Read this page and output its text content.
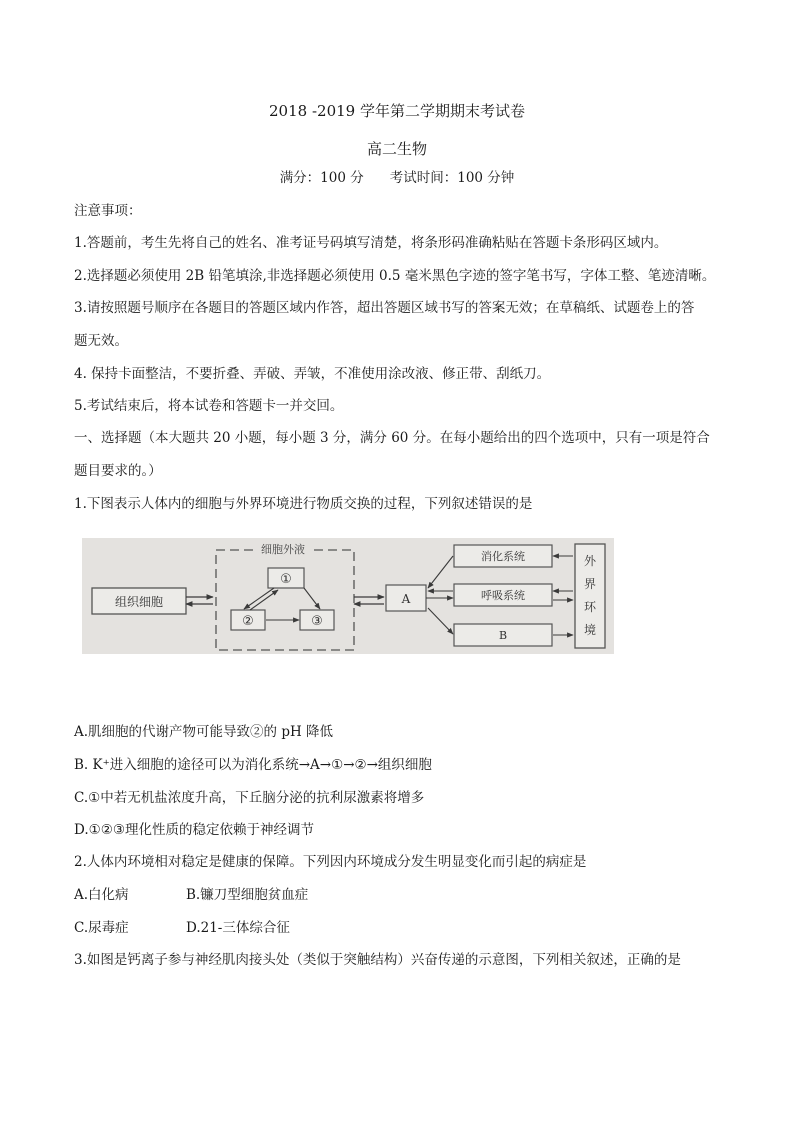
2018 -2019 学年第二学期期末考试卷
高二生物
满分：100 分 考试时间：100 分钟
注意事项：
1.答题前，考生先将自己的姓名、准考证号码填写清楚，将条形码准确粘贴在答题卡条形码区域内。
2.选择题必须使用 2B 铅笔填涂,非选择题必须使用 0.5 毫米黑色字迹的签字笔书写，字体工整、笔迹清晰。
3.请按照题号顺序在各题目的答题区域内作答，超出答题区域书写的答案无效；在草稿纸、试题卷上的答
题无效。
4. 保持卡面整洁，不要折叠、弄破、弄皱，不准使用涂改液、修正带、刮纸刀。
5.考试结束后，将本试卷和答题卡一并交回。
一、选择题（本大题共 20 小题，每小题 3 分，满分 60 分。在每小题给出的四个选项中，只有一项是符合
题目要求的。）
1.下图表示人体内的细胞与外界环境进行物质交换的过程，下列叙述错误的是
组织细胞
细胞外液
①
②	③
A
消化系统
呼吸系统
B
外
界
环
境
A.肌细胞的代谢产物可能导致②的 pH 降低
B. K⁺进入细胞的途径可以为消化系统→A→①→②→组织细胞
C.①中若无机盐浓度升高，下丘脑分泌的抗利尿激素将增多
D.①②③理化性质的稳定依赖于神经调节
2.人体内环境相对稳定是健康的保障。下列因内环境成分发生明显变化而引起的病症是
A.白化病	B.镰刀型细胞贫血症
C.尿毒症	D.21-三体综合征
3.如图是钙离子参与神经肌肉接头处（类似于突触结构）兴奋传递的示意图，下列相关叙述，正确的是
